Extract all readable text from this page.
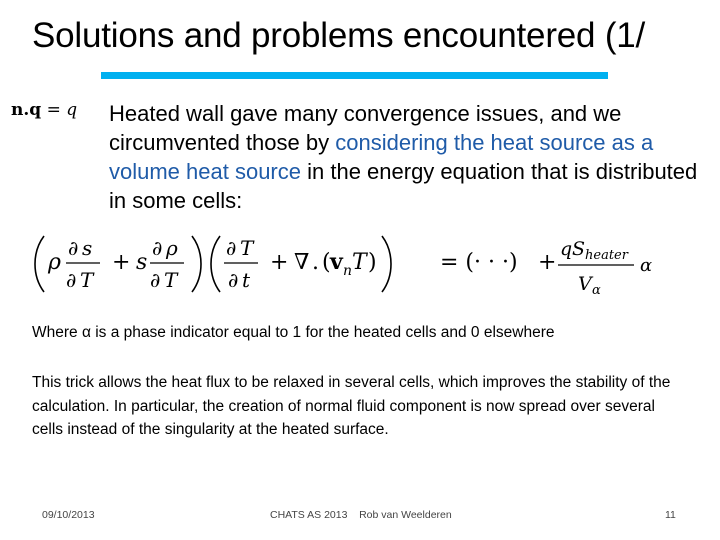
Solutions and problems encountered (1/
n.q = q Heated wall gave many convergence issues, and we circumvented those by considering the heat source as a volume heat source in the energy equation that is distributed in some cells:
ρ
∂ s
∂ T
+ s
∂ ρ
∂ T
∂ T
∂ t
+ ∇ . ( v n T )	= (· · ·) +
q S heater
V α
α
Where α is a phase indicator equal to 1 for the heated cells and 0 elsewhere
This trick allows the heat flux to be relaxed in several cells, which improves the stability of the calculation. In particular, the creation of normal fluid component is now spread over several cells instead of the singularity at the heated surface.
09/10/2013	CHATS AS 2013    Rob van Weelderen	11
